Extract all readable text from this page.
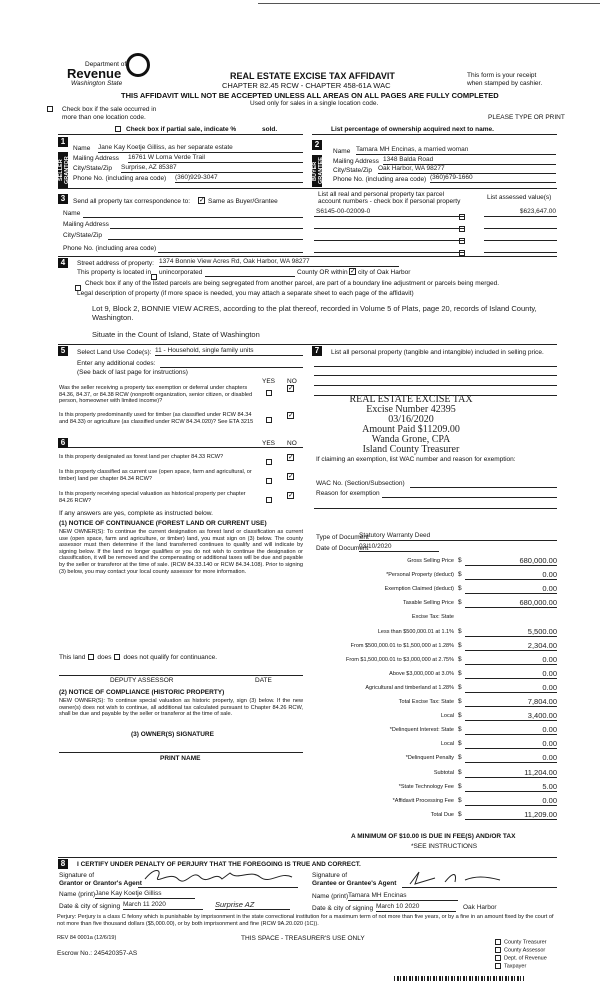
Department of
Revenue
Washington State
REAL ESTATE EXCISE TAX AFFIDAVIT
CHAPTER 82.45 RCW - CHAPTER 458-61A WAC
THIS AFFIDAVIT WILL NOT BE ACCEPTED UNLESS ALL AREAS ON ALL PAGES ARE FULLY COMPLETED
Used only for sales in a single location code.
This form is your receipt
when stamped by cashier.
Check box if the sale occurred in
more than one location code.	PLEASE TYPE OR PRINT
Check box if partial sale, indicate %	sold.	List percentage of ownership acquired next to name.
1
SELLER GRANTOR
Name Jane Kay Koetje Gilliss, as her separate estate
Mailing Address 16761 W Loma Verde Trail
City/State/Zip Surprise, AZ 85387
Phone No. (including area code) (360)929-3047
2
BUYER GRANTEE
Name Tamara MH Encinas, a married woman
Mailing Address 1348 Balda Road
City/State/Zip Oak Harbor, WA 98277
Phone No. (including area code) (360)679-1660
3	Send all property tax correspondence to: ✓ Same as Buyer/Grantee
Name
Mailing Address
City/State/Zip
Phone No. (including area code)
List all real and personal property tax parcel
account numbers - check box if personal property
List assessed value(s)
S6145-00-02009-0	$623,647.00
4	Street address of property: 1374 Bonnie View Acres Rd, Oak Harbor, WA 98277
This property is located in unincorporated	County OR within ✓ city of Oak Harbor
Check box if any of the listed parcels are being segregated from another parcel, are part of a boundary line adjustment or parcels being merged.
Legal description of property (if more space is needed, you may attach a separate sheet to each page of the affidavit)
Lot 9, Block 2, BONNIE VIEW ACRES, according to the plat thereof, recorded in Volume 5 of Plats, page 20, records of Island County,
Washington.
Situate in the Count of Island, State of Washington
5	Select Land Use Code(s): 11 - Household, single family units
Enter any additional codes:
(See back of last page for instructions)
YES NO
Was the seller receiving a property tax exemption or deferral under chapters 84.36, 84.37, or 84.38 RCW (nonprofit organization, senior citizen, or disabled person, homeowner with limited income)?
✓
Is this property predominantly used for timber (as classified under RCW 84.34 and 84.33) or agriculture (as classified under RCW 84.34.020)? See ETA 3215
✓
6	YES NO
Is this property designated as forest land per chapter 84.33 RCW?	✓
Is this property classified as current use (open space, farm and agricultural, or timber) land per chapter 84.34 RCW?	✓
Is this property receiving special valuation as historical property per chapter 84.26 RCW?
✓
If any answers are yes, complete as instructed below.
(1) NOTICE OF CONTINUANCE (FOREST LAND OR CURRENT USE)
NEW OWNER(S): To continue the current designation as forest land or classification as current use (open space, farm and agriculture, or timber) land, you must sign on (3) below. The county assessor must then determine if the land transferred continues to qualify and will indicate by signing below. If the land no longer qualifies or you do not wish to continue the designation or classification, it will be removed and the compensating or additional taxes will be due and payable by the seller or transferor at the time of sale. (RCW 84.33.140 or RCW 84.34.108). Prior to signing (3) below, you may contact your local county assessor for more information.
This land does does not qualify for continuance.
DEPUTY ASSESSOR	DATE
(2) NOTICE OF COMPLIANCE (HISTORIC PROPERTY)
NEW OWNER(S): To continue special valuation as historic property, sign (3) below. If the new owner(s) does not wish to continue, all additional tax calculated pursuant to Chapter 84.26 RCW, shall be due and payable by the seller or transferor at the time of sale.
(3) OWNER(S) SIGNATURE
PRINT NAME
7	List all personal property (tangible and intangible) included in selling price.
REAL ESTATE EXCISE TAX
Excise Number 42395
03/16/2020
Amount Paid $11209.00
Wanda Grone, CPA
Island County Treasurer
If claiming an exemption, list WAC number and reason for exemption:
WAC No. (Section/Subsection)
Reason for exemption
Type of Document
Statutory Warranty Deed
Date of Document
03/10/2020
Gross Selling Price $	680,000.00
*Personal Property (deduct) $	0.00
Exemption Claimed (deduct) $	0.00
Taxable Selling Price $	680,000.00
Excise Tax: State
Less than $500,000.01 at 1.1% $	5,500.00
From $500,000.01 to $1,500,000 at 1.28% $	2,304.00
From $1,500,000.01 to $3,000,000 at 2.75% $	0.00
Above $3,000,000 at 3.0% $	0.00
Agricultural and timberland at 1.28% $	0.00
Total Excise Tax: State $	7,804.00
Local $	3,400.00
*Delinquent Interest: State $	0.00
Local $	0.00
*Delinquent Penalty $	0.00
Subtotal $	11,204.00
*State Technology Fee $	5.00
*Affidavit Processing Fee $	0.00
Total Due $	11,209.00
A MINIMUM OF $10.00 IS DUE IN FEE(S) AND/OR TAX
*SEE INSTRUCTIONS
8	I CERTIFY UNDER PENALTY OF PERJURY THAT THE FOREGOING IS TRUE AND CORRECT.
Signature of
Grantor or Grantor's Agent
Name (print) Jane Kay Koetje Gilliss
Date & city of signing March 11 2020	Surprise AZ
Signature of
Grantee or Grantee's Agent
Name (print) Tamara MH Encinas
Date & city of signing March 10 2020	Oak Harbor
Perjury: Perjury is a class C felony which is punishable by imprisonment in the state correctional institution for a maximum term of not more than five years, or by a fine in an amount fixed by the court of not more than five thousand dollars ($5,000.00), or by both imprisonment and fine (RCW 9A.20.020 (1C)).
REV 84 0001a (12/6/19)	THIS SPACE - TREASURER'S USE ONLY
Escrow No.: 245420357-AS
County Treasurer
County Assessor
Dept. of Revenue
Taxpayer
